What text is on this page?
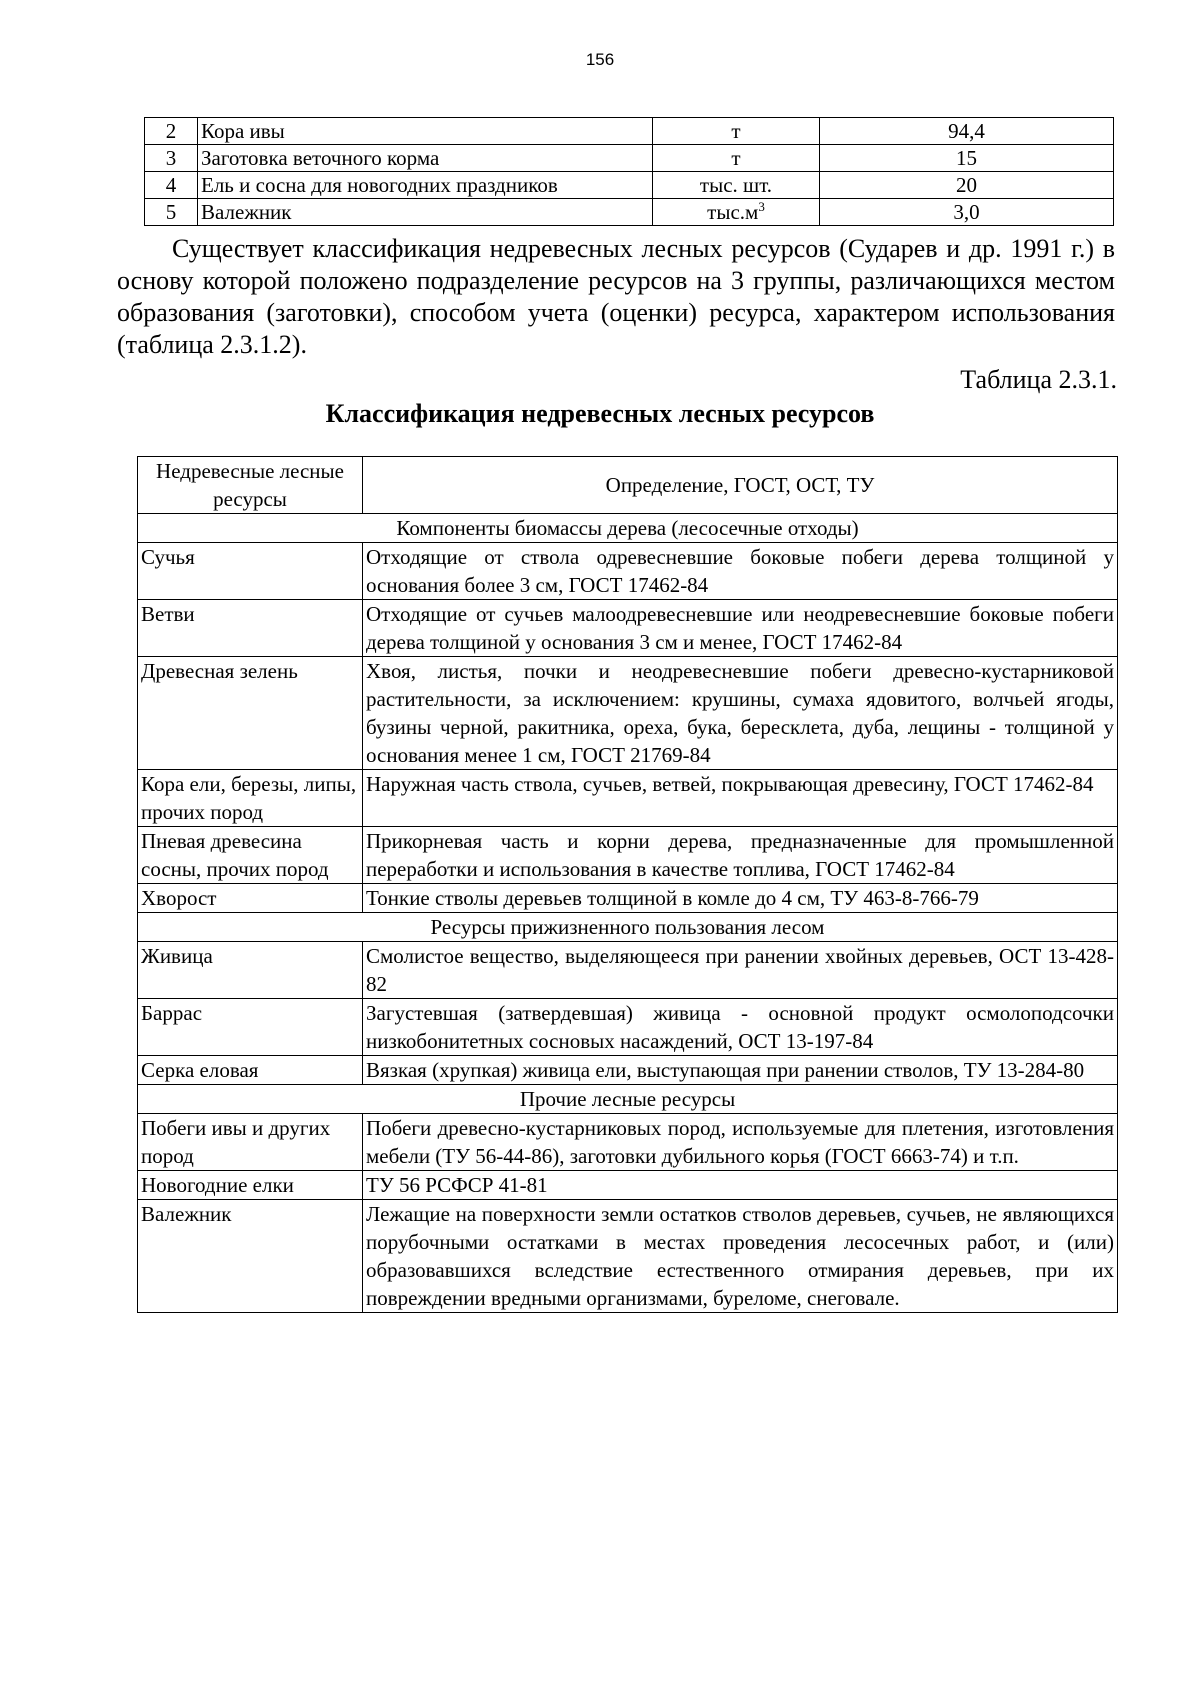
156
2	Кора ивы	т	94,4
3	Заготовка веточного корма	т	15
4	Ель и сосна для новогодних праздников	тыс. шт.	20
5	Валежник	$тыс.м^3$	3,0

Существует классификация недревесных лесных ресурсов (Сударев и др. 1991 г.) в основу которой положено подразделение ресурсов на 3 группы, различающихся местом образования (заготовки), способом учета (оценки) ресурса, характером использования (таблица 2.3.1.2).

Таблица 2.3.1.
Классификация недревесных лесных ресурсов
Недревесные лесные ресурсы	Определение, ГОСТ, ОСТ, ТУ
Компоненты биомассы дерева (лесосечные отходы)	
Сучья	Отходящие от ствола одревесневшие боковые побеги дерева толщиной у основания более 3 см, ГОСТ 17462-84
Ветви	Отходящие от сучьев малоодревесневшие или неодревесневшие боковые побеги дерева толщиной у основания 3 см и менее, ГОСТ 17462-84
Древесная зелень	Хвоя, листья, почки и неодревесневшие побеги древесно-кустарниковой растительности, за исключением: крушины, сумаха ядовитого, волчьей ягоды, бузины черной, ракитника, ореха, бука, бересклета, дуба, лещины - толщиной у основания менее 1 см, ГОСТ 21769-84
Кора ели, березы, липы, прочих пород	Наружная часть ствола, сучьев, ветвей, покрывающая древесину, ГОСТ 17462-84
Пневая древесина сосны, прочих пород	Прикорневая часть и корни дерева, предназначенные для промышленной переработки и использования в качестве топлива, ГОСТ 17462-84
Хворост	Тонкие стволы деревьев толщиной в комле до 4 см, ТУ 463-8-766-79
Ресурсы прижизненного пользования лесом	
Живица	Смолистое вещество, выделяющееся при ранении хвойных деревьев, ОСТ 13-428-82
Баррас	Загустевшая (затвердевшая) живица - основной продукт осмолоподсочки низкобонитетных сосновых насаждений, ОСТ 13-197-84
Серка еловая	Вязкая (хрупкая) живица ели, выступающая при ранении стволов, ТУ 13-284-80
Прочие лесные ресурсы	
Побеги ивы и других пород	Побеги древесно-кустарниковых пород, используемые для плетения, изготовления мебели (ТУ 56-44-86), заготовки дубильного корья (ГОСТ 6663-74) и т.п.
Новогодние елки	ТУ 56 РСФСР 41-81
Валежник	Лежащие на поверхности земли остатков стволов деревьев, сучьев, не являющихся порубочными остатками в местах проведения лесосечных работ, и (или) образовавшихся вследствие естественного отмирания деревьев, при их повреждении вредными организмами, буреломе, снеговале.
